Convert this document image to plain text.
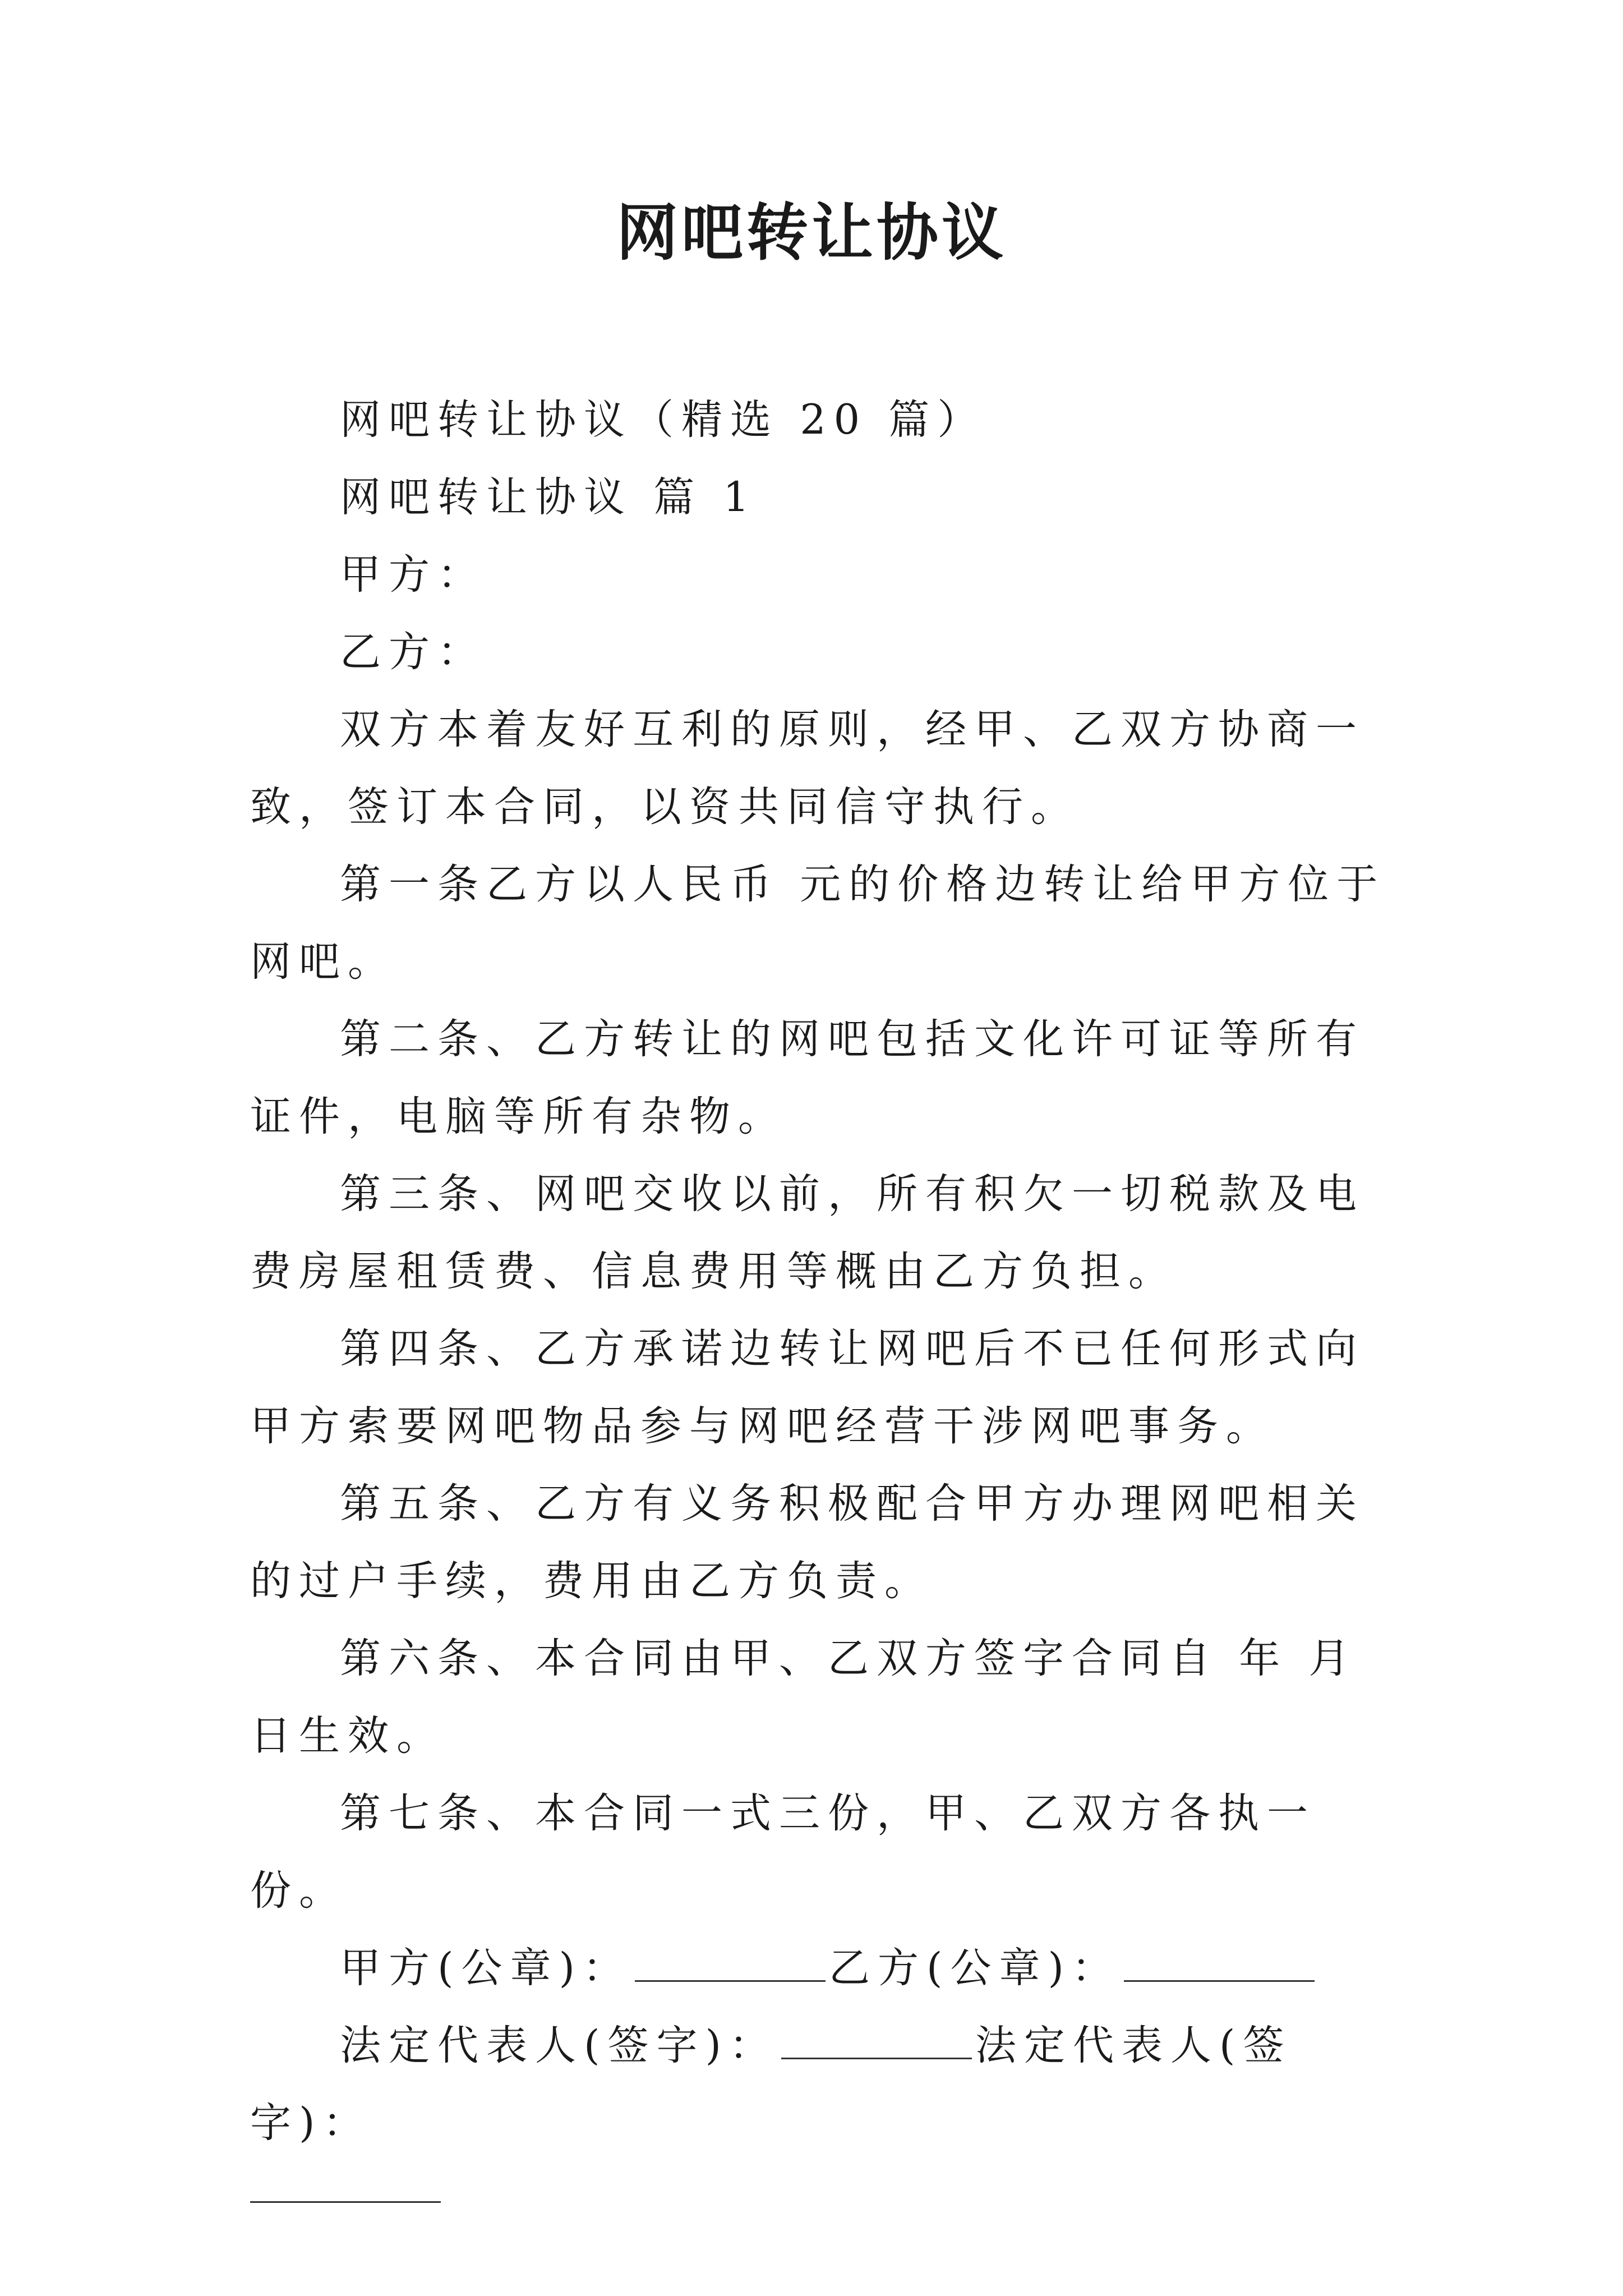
网吧转让协议

网吧转让协议（精选 20 篇）

网吧转让协议 篇 1

甲方：

乙方：

双方本着友好互利的原则，经甲、乙双方协商一致，签订本合同，以资共同信守执行。

第一条乙方以人民币 元的价格边转让给甲方位于 网吧。

第二条、乙方转让的网吧包括文化许可证等所有证件，电脑等所有杂物。

第三条、网吧交收以前，所有积欠一切税款及电费房屋租赁费、信息费用等概由乙方负担。

第四条、乙方承诺边转让网吧后不已任何形式向甲方索要网吧物品参与网吧经营干涉网吧事务。

第五条、乙方有义务积极配合甲方办理网吧相关的过户手续，费用由乙方负责。

第六条、本合同由甲、乙双方签字合同自 年 月 日生效。

第七条、本合同一式三份，甲、乙双方各执一份。

甲方(公章)：	乙方(公章)：

法定代表人(签字)：	法定代表人(签字)：
